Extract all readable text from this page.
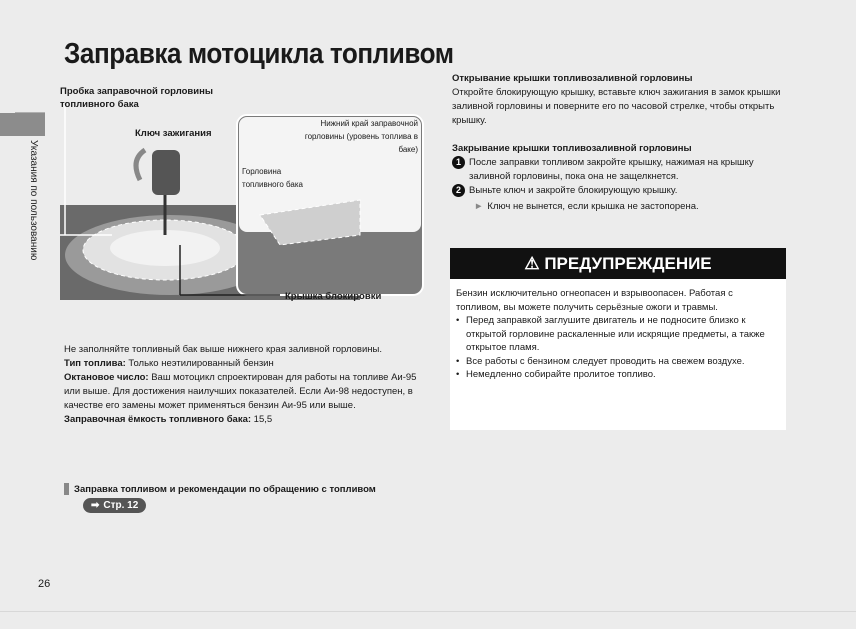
Заправка мотоцикла топливом
Указания по пользованию
Пробка заправочной горловины топливного бака
Ключ зажигания
Нижний край заправочной горловины (уровень топлива в баке)
Горловина топливного бака
Крышка блокировки

Открывание крышки топливозаливной горловины

Откройте блокирующую крышку, вставьте ключ зажигания в замок крышки заливной горловины и поверните его по часовой стрелке, чтобы открыть крышку.

Закрывание крышки топливозаливной горловины

1 После заправки топливом закройте крышку, нажимая на крышку заливной горловины, пока она не защелкнется.
2 Выньте ключ и закройте блокирующую крышку.
► Ключ не вынется, если крышка не застопорена.
⚠ ПРЕДУПРЕЖДЕНИЕ

Бензин исключительно огнеопасен и взрывоопасен. Работая с топливом, вы можете получить серьёзные ожоги и травмы.

• Перед заправкой заглушите двигатель и не подносите близко к открытой горловине раскаленные или искрящие предметы, а также открытое пламя.
• Все работы с бензином следует проводить на свежем воздухе.
• Немедленно собирайте пролитое топливо.

Не заполняйте топливный бак выше нижнего края заливной горловины.

Тип топлива: Только неэтилированный бензин

Октановое число: Ваш мотоцикл спроектирован для работы на топливе Аи-95 или выше. Для достижения наилучших показателей. Если Аи-98 недоступен, в качестве его замены может применяться бензин Аи-95 или выше.

Заправочная ёмкость топливного бака: 15,5

Заправка топливом и рекомендации по обращению с топливом
➡ Стр. 12
26
